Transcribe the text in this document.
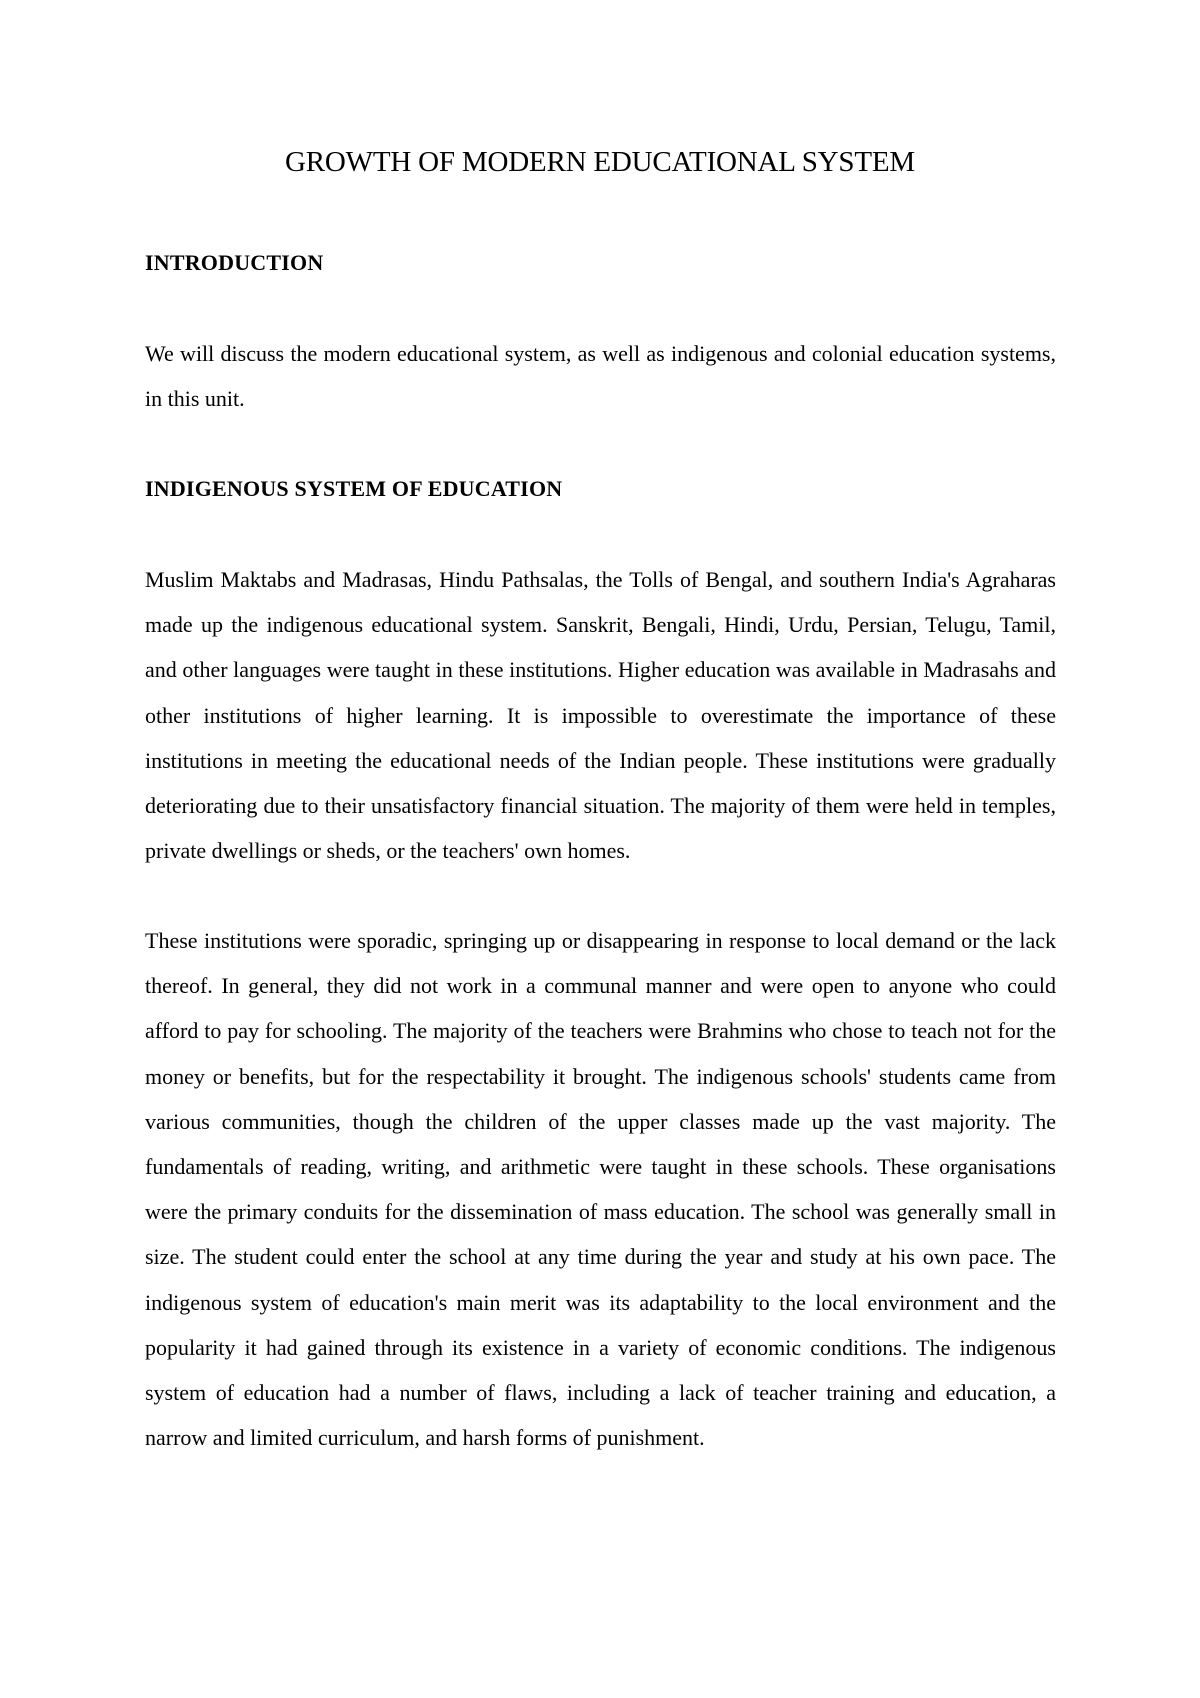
GROWTH OF MODERN EDUCATIONAL SYSTEM
INTRODUCTION

We will discuss the modern educational system, as well as indigenous and colonial education systems, in this unit.

INDIGENOUS SYSTEM OF EDUCATION

Muslim Maktabs and Madrasas, Hindu Pathsalas, the Tolls of Bengal, and southern India's Agraharas made up the indigenous educational system. Sanskrit, Bengali, Hindi, Urdu, Persian, Telugu, Tamil, and other languages were taught in these institutions. Higher education was available in Madrasahs and other institutions of higher learning. It is impossible to overestimate the importance of these institutions in meeting the educational needs of the Indian people. These institutions were gradually deteriorating due to their unsatisfactory financial situation. The majority of them were held in temples, private dwellings or sheds, or the teachers' own homes.

These institutions were sporadic, springing up or disappearing in response to local demand or the lack thereof. In general, they did not work in a communal manner and were open to anyone who could afford to pay for schooling. The majority of the teachers were Brahmins who chose to teach not for the money or benefits, but for the respectability it brought. The indigenous schools' students came from various communities, though the children of the upper classes made up the vast majority. The fundamentals of reading, writing, and arithmetic were taught in these schools. These organisations were the primary conduits for the dissemination of mass education. The school was generally small in size. The student could enter the school at any time during the year and study at his own pace. The indigenous system of education's main merit was its adaptability to the local environment and the popularity it had gained through its existence in a variety of economic conditions. The indigenous system of education had a number of flaws, including a lack of teacher training and education, a narrow and limited curriculum, and harsh forms of punishment.
